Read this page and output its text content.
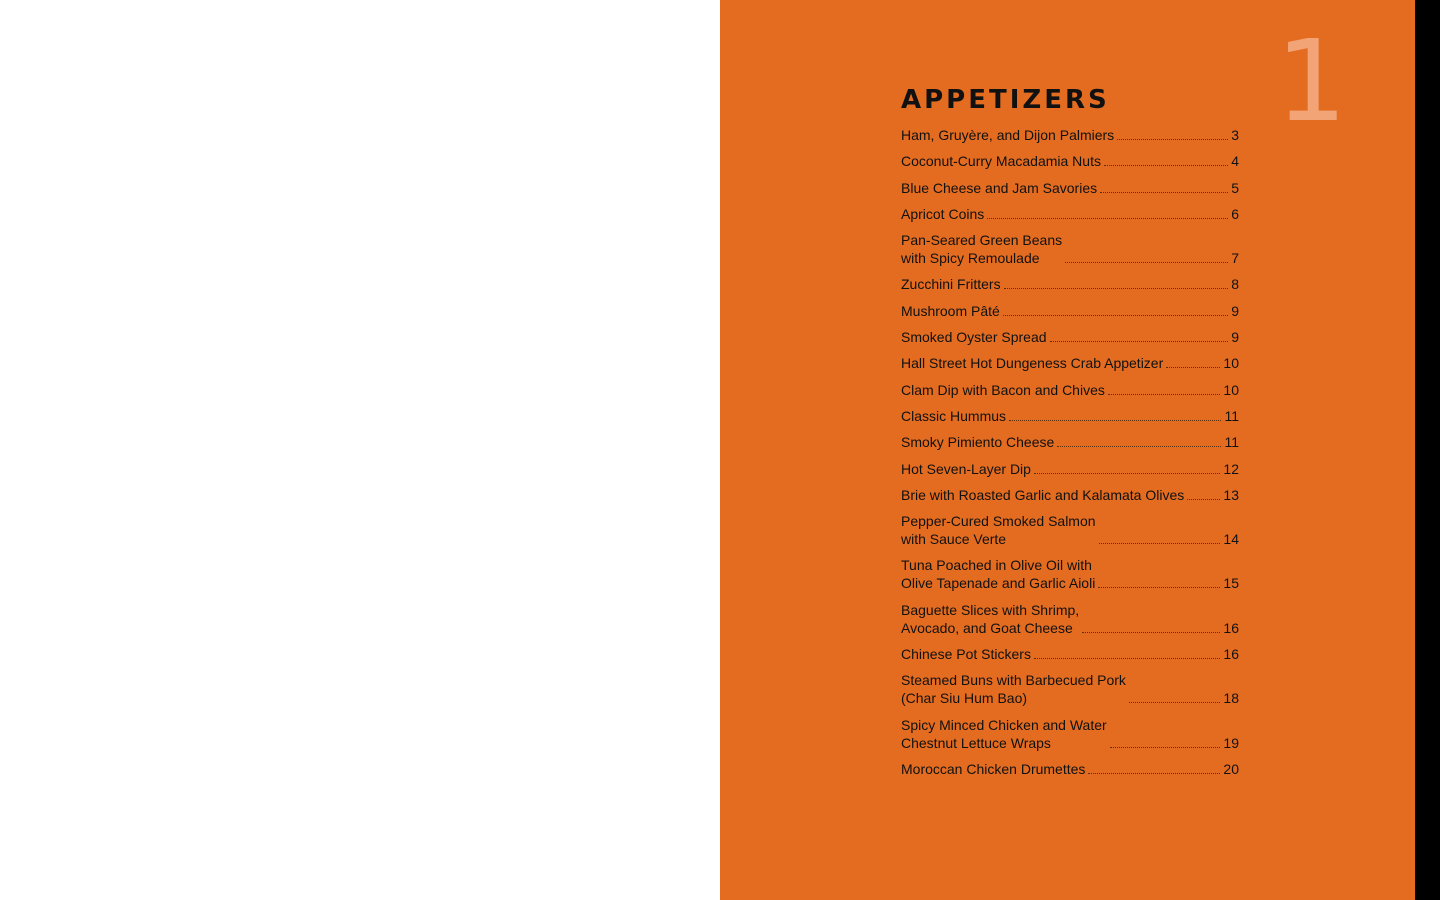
1
APPETIZERS
Ham, Gruyère, and Dijon Palmiers	3
Coconut-Curry Macadamia Nuts	4
Blue Cheese and Jam Savories	5
Apricot Coins	6
Pan-Seared Green Beans
with Spicy Remoulade	7
Zucchini Fritters	8
Mushroom Pâté	9
Smoked Oyster Spread	9
Hall Street Hot Dungeness Crab Appetizer	10
Clam Dip with Bacon and Chives	10
Classic Hummus	11
Smoky Pimiento Cheese	11
Hot Seven-Layer Dip	12
Brie with Roasted Garlic and Kalamata Olives	13
Pepper-Cured Smoked Salmon
with Sauce Verte	14
Tuna Poached in Olive Oil with
Olive Tapenade and Garlic Aioli	15
Baguette Slices with Shrimp,
Avocado, and Goat Cheese	16
Chinese Pot Stickers	16
Steamed Buns with Barbecued Pork
(Char Siu Hum Bao)	18
Spicy Minced Chicken and Water
Chestnut Lettuce Wraps	19
Moroccan Chicken Drumettes	20
